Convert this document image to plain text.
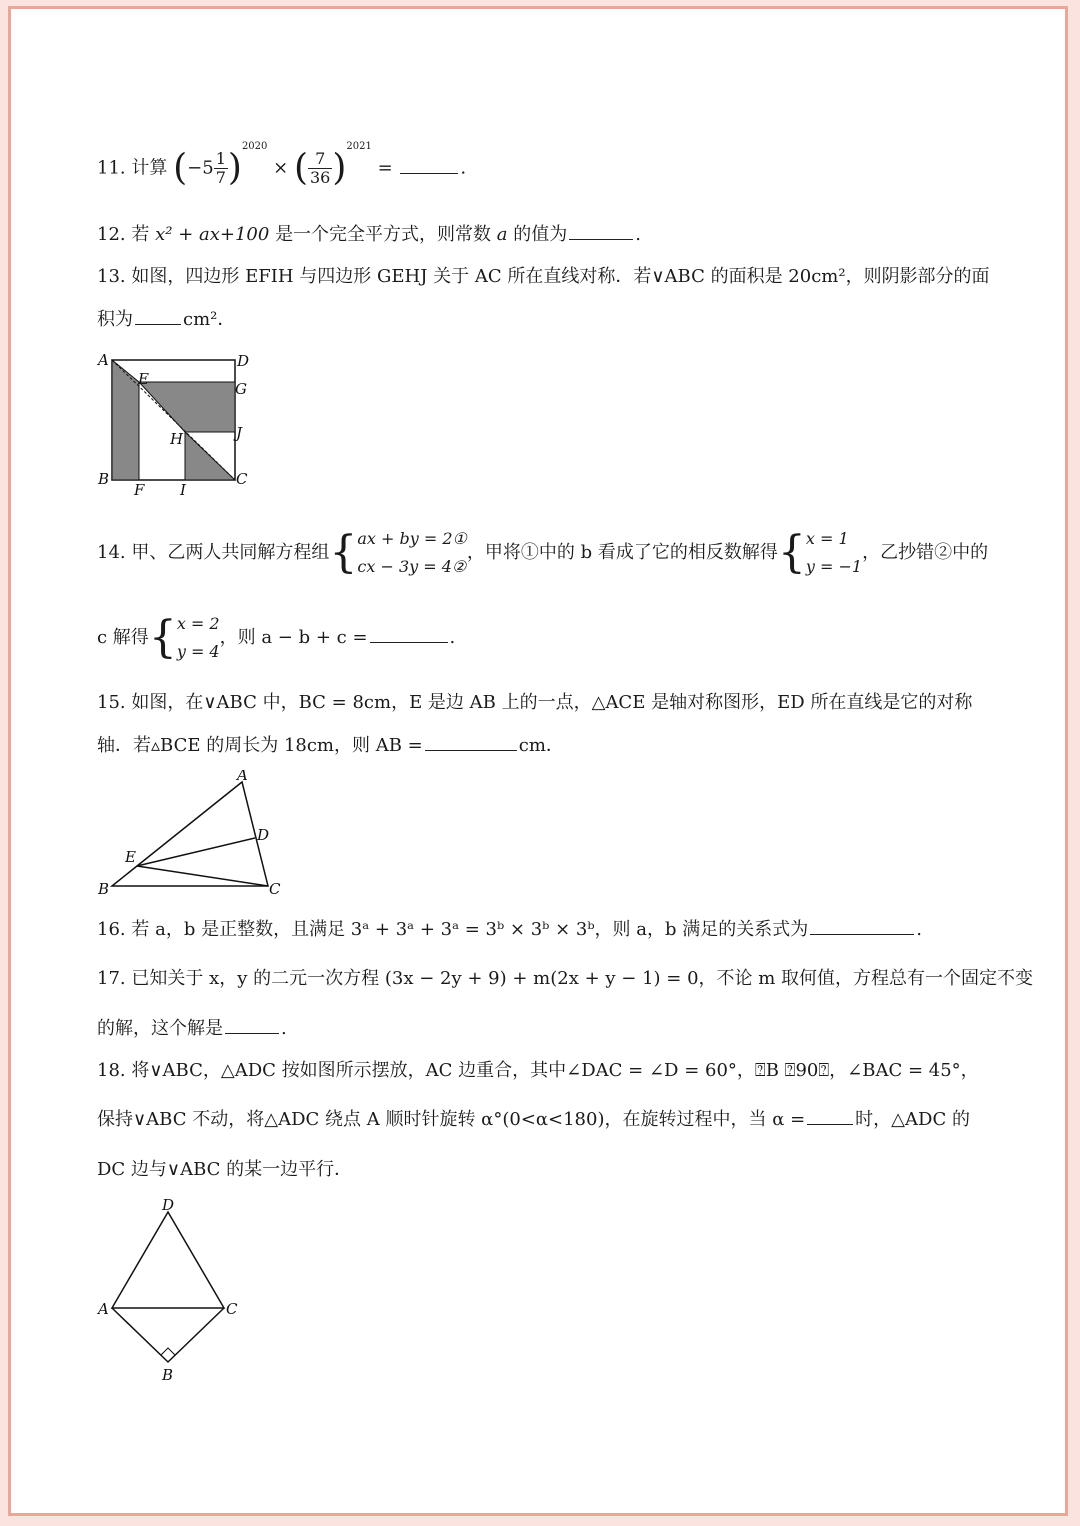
11. 计算 $(-5 \frac{1}{7} )^{2020}$ × ( $\frac{7}{36} )^{2021}$ =	.
12. 若 x² + ax+100 是一个完全平方式，则常数 a 的值为	.
13. 如图，四边形 EFIH 与四边形 GEHJ 关于 AC 所在直线对称．若∨ABC 的面积是 20cm²，则阴影部分的面
积为	cm²．
A	D
E
G
H	J
B
F I
C
14. 甲、乙两人共同解方程组{ ax + by = 2①
cx − 3y = 4②
，甲将①中的 b 看成了它的相反数解得{ x = 1
y = −1
，乙抄错②中的
c 解得{ x = 2
y = 4
，则 a − b + c =	.
15. 如图，在∨ABC 中，BC = 8cm，E 是边 AB 上的一点，△ACE 是轴对称图形，ED 所在直线是它的对称
轴．若▵BCE 的周长为 18cm，则 AB =	cm．
A
D
E
B	C
16. 若 a，b 是正整数，且满足 3ᵃ + 3ᵃ + 3ᵃ = 3ᵇ × 3ᵇ × 3ᵇ，则 a，b 满足的关系式为	.
17. 已知关于 x，y 的二元一次方程 (3x − 2y + 9) + m(2x + y − 1) = 0，不论 m 取何值，方程总有一个固定不变
的解，这个解是	.
18. 将∨ABC，△ADC 按如图所示摆放，AC 边重合，其中∠DAC = ∠D = 60°，⍰B ⍰90⍰，∠BAC = 45°，
保持∨ABC 不动，将△ADC 绕点 A 顺时针旋转 α°(0<α<180)，在旋转过程中，当 α =	时，△ADC 的
DC 边与∨ABC 的某一边平行．
D
A	C
B
